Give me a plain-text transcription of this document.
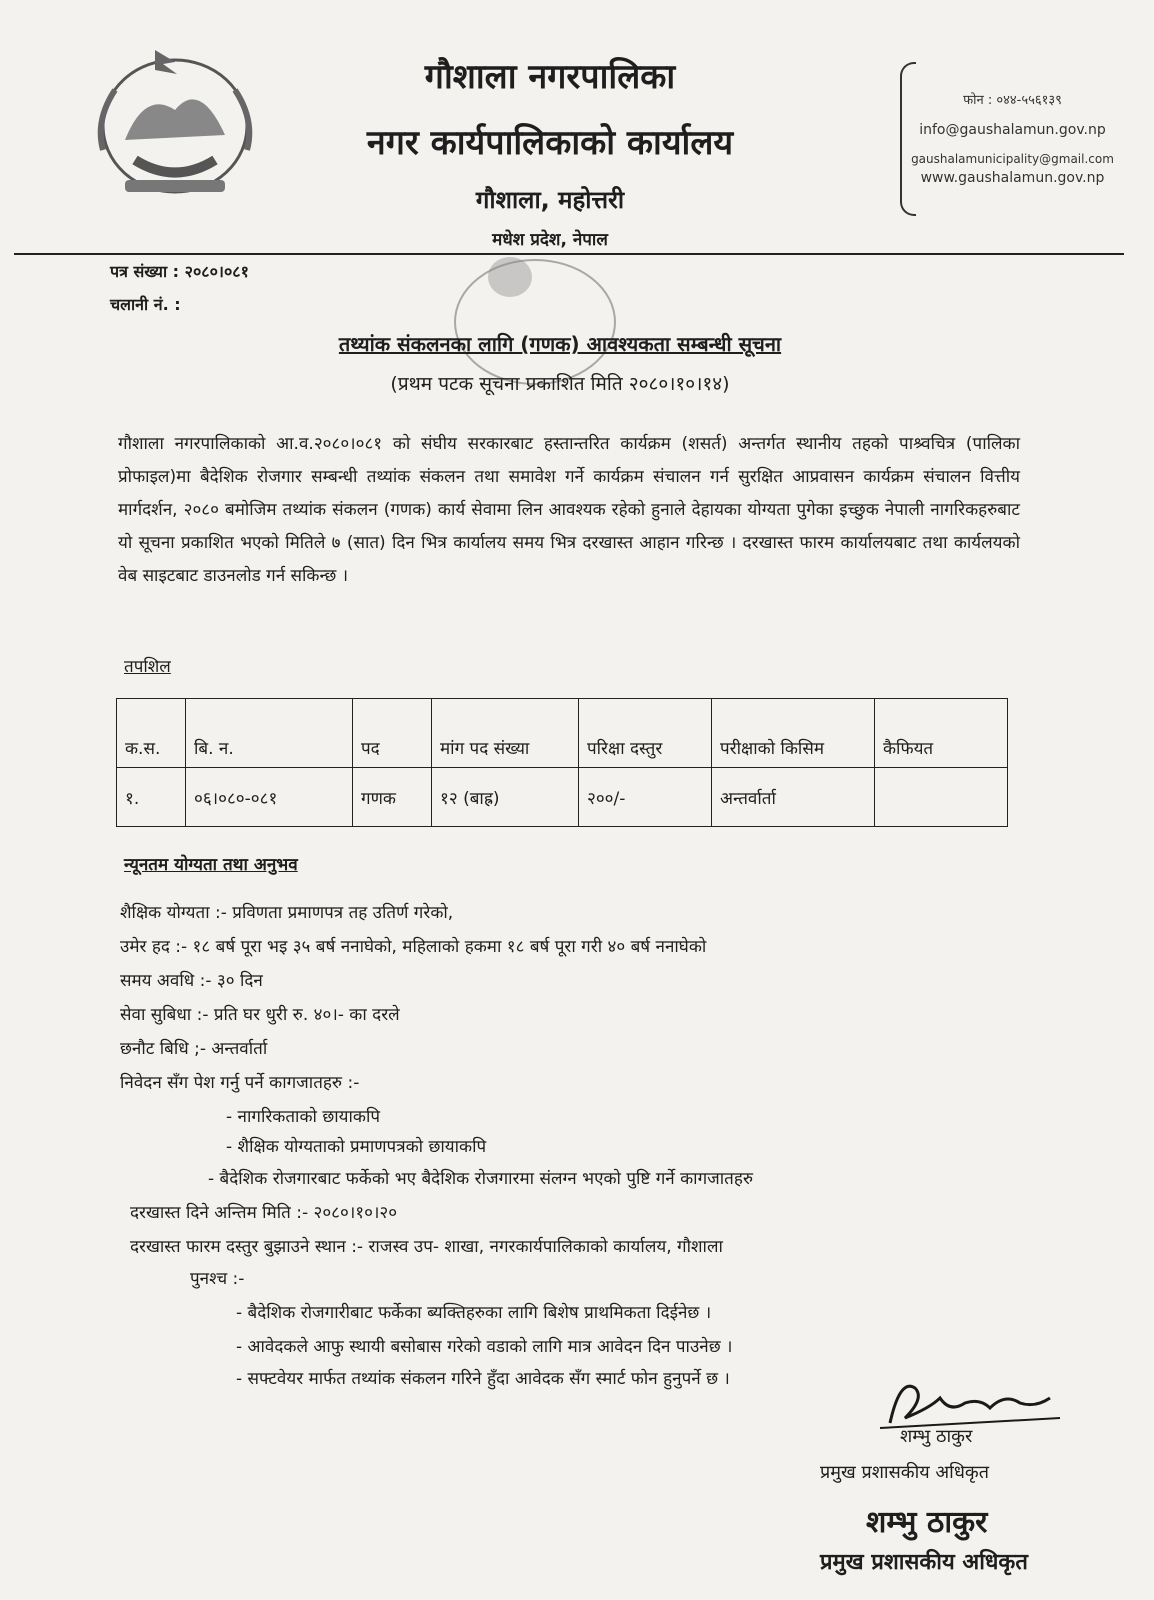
गौशाला नगरपालिका
नगर कार्यपालिकाको कार्यालय
गौशाला, महोत्तरी
मधेश प्रदेश, नेपाल
फोन : ०४४-५५६१३९
info@gaushalamun.gov.np
gaushalamunicipality@gmail.com
www.gaushalamun.gov.np
पत्र संख्या : २०८०।०८१
चलानी नं. :
तथ्यांक संकलनका लागि (गणक) आवश्यकता सम्बन्धी सूचना
(प्रथम पटक सूचना प्रकाशित मिति २०८०।१०।१४)
गौशाला नगरपालिकाको आ.व.२०८०।०८१ को संघीय सरकारबाट हस्तान्तरित कार्यक्रम (शसर्त) अन्तर्गत स्थानीय तहको पाश्र्वचित्र (पालिका प्रोफाइल)मा बैदेशिक रोजगार सम्बन्धी तथ्यांक संकलन तथा समावेश गर्ने कार्यक्रम संचालन गर्न सुरक्षित आप्रवासन कार्यक्रम संचालन वित्तीय मार्गदर्शन, २०८० बमोजिम तथ्यांक संकलन (गणक) कार्य सेवामा लिन आवश्यक रहेको हुनाले देहायका योग्यता पुगेका इच्छुक नेपाली नागरिकहरुबाट यो सूचना प्रकाशित भएको मितिले ७ (सात) दिन भित्र कार्यालय समय भित्र दरखास्त आहान गरिन्छ । दरखास्त फारम कार्यालयबाट तथा कार्यलयको वेब साइटबाट डाउनलोड गर्न सकिन्छ ।
तपशिल
क.स.	बि. न.	पद	मांग पद संख्या	परिक्षा दस्तुर	परीक्षाको किसिम	कैफियत
१.	०६।०८०-०८१	गणक	१२ (बाह्र)	२००/-	अन्तर्वार्ता	
न्यूनतम योग्यता तथा अनुभव
शैक्षिक योग्यता :- प्रविणता प्रमाणपत्र तह उतिर्ण गरेको,
उमेर हद :- १८ बर्ष पूरा भइ ३५ बर्ष ननाघेको, महिलाको हकमा १८ बर्ष पूरा गरी ४० बर्ष ननाघेको
समय अवधि :- ३० दिन
सेवा सुबिधा :- प्रति घर धुरी रु. ४०।- का दरले
छनौट बिधि ;- अन्तर्वार्ता
निवेदन सँग पेश गर्नु पर्ने कागजातहरु :-
- नागरिकताको छायाकपि
- शैक्षिक योग्यताको प्रमाणपत्रको छायाकपि
- बैदेशिक रोजगारबाट फर्केको भए बैदेशिक रोजगारमा संलग्न भएको पुष्टि गर्ने कागजातहरु
दरखास्त दिने अन्तिम मिति :- २०८०।१०।२०
दरखास्त फारम दस्तुर बुझाउने स्थान :- राजस्व उप- शाखा, नगरकार्यपालिकाको कार्यालय, गौशाला
पुनश्च :-
- बैदेशिक रोजगारीबाट फर्केका ब्यक्तिहरुका लागि बिशेष प्राथमिकता दिईनेछ ।
- आवेदकले आफु स्थायी बसोबास गरेको वडाको लागि मात्र आवेदन दिन पाउनेछ ।
- सफ्टवेयर मार्फत तथ्यांक संकलन गरिने हुँदा आवेदक सँग स्मार्ट फोन हुनुपर्ने छ ।
शम्भु ठाकुर
प्रमुख प्रशासकीय अधिकृत
शम्भु ठाकुर
प्रमुख प्रशासकीय अधिकृत
